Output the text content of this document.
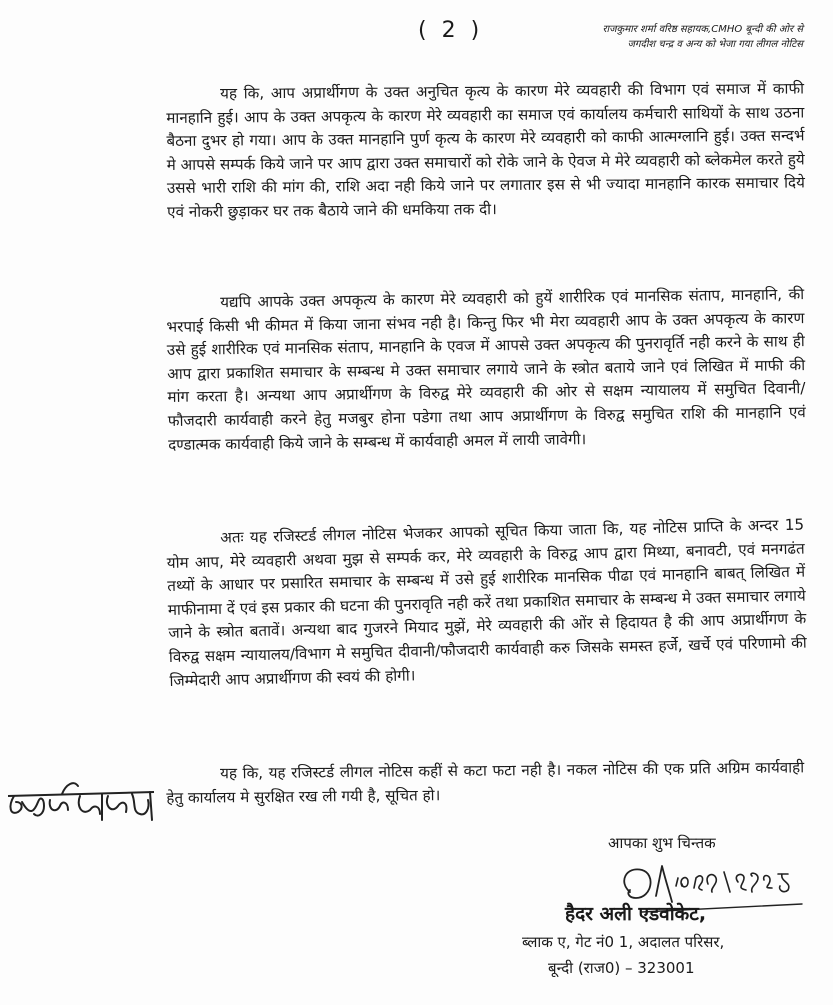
( 2 )	राजकुमार शर्मा वरिष्ठ सहायक,CMHO बून्दी की ओर से
जगदीश चन्द्र व अन्य को भेजा गया लीगल नोटिस

यह कि, आप अप्रार्थीगण के उक्त अनुचित कृत्य के कारण मेरे व्यवहारी की विभाग एवं समाज में काफी मानहानि हुई। आप के उक्त अपकृत्य के कारण मेरे व्यवहारी का समाज एवं कार्यालय कर्मचारी साथियों के साथ उठना बैठना दुभर हो गया। आप के उक्त मानहानि पुर्ण कृत्य के कारण मेरे व्यवहारी को काफी आत्मग्लानि हुई। उक्त सन्दर्भ मे आपसे सम्पर्क किये जाने पर आप द्वारा उक्त समाचारों को रोके जाने के ऐवज मे मेरे व्यवहारी को ब्लेकमेल करते हुये उससे भारी राशि की मांग की, राशि अदा नही किये जाने पर लगातार इस से भी ज्यादा मानहानि कारक समाचार दिये एवं नोकरी छुड़ाकर घर तक बैठाये जाने की धमकिया तक दी।

यद्यपि आपके उक्त अपकृत्य के कारण मेरे व्यवहारी को हुयें शारीरिक एवं मानसिक संताप, मानहानि, की भरपाई किसी भी कीमत में किया जाना संभव नही है। किन्तु फिर भी मेरा व्यवहारी आप के उक्त अपकृत्य के कारण उसे हुई शारीरिक एवं मानसिक संताप, मानहानि के एवज में आपसे उक्त अपकृत्य की पुनरावृर्ति नही करने के साथ ही आप द्वारा प्रकाशित समाचार के सम्बन्ध मे उक्त समाचार लगाये जाने के स्त्रोत बताये जाने एवं लिखित में माफी की मांग करता है। अन्यथा आप अप्रार्थीगण के विरुद्व मेरे व्यवहारी की ओर से सक्षम न्यायालय में समुचित दिवानी/फौजदारी कार्यवाही करने हेतु मजबुर होना पडेगा तथा आप अप्रार्थीगण के विरुद्व समुचित राशि की मानहानि एवं दण्डात्मक कार्यवाही किये जाने के सम्बन्ध में कार्यवाही अमल में लायी जावेगी।

अतः यह रजिस्टर्ड लीगल नोटिस भेजकर आपको सूचित किया जाता कि, यह नोटिस प्राप्ति के अन्दर 15 योम आप, मेरे व्यवहारी अथवा मुझ से सम्पर्क कर, मेरे व्यवहारी के विरुद्व आप द्वारा मिथ्या, बनावटी, एवं मनगढंत तथ्यों के आधार पर प्रसारित समाचार के सम्बन्ध में उसे हुई शारीरिक मानसिक पीढा एवं मानहानि बाबत् लिखित में माफीनामा दें एवं इस प्रकार की घटना की पुनरावृति नही करें तथा प्रकाशित समाचार के सम्बन्ध मे उक्त समाचार लगाये जाने के स्त्रोत बतावें। अन्यथा बाद गुजरने मियाद मुझें, मेरे व्यवहारी की ओंर से हिदायत है की आप अप्रार्थीगण के विरुद्व सक्षम न्यायालय/विभाग मे समुचित दीवानी/फौजदारी कार्यवाही करु जिसके समस्त हर्जे, खर्चे एवं परिणामो की जिम्मेदारी आप अप्रार्थीगण की स्वयं की होगी।

यह कि, यह रजिस्टर्ड लीगल नोटिस कहीं से कटा फटा नही है। नकल नोटिस की एक प्रति अग्रिम कार्यवाही हेतु कार्यालय मे सुरक्षित रख ली गयी है, सूचित हो।

आपका शुभ चिन्तक
हैदर अली एडवोकेट,
ब्लाक ए, गेट नं0 1, अदालत परिसर,
बून्दी (राज0) – 323001
